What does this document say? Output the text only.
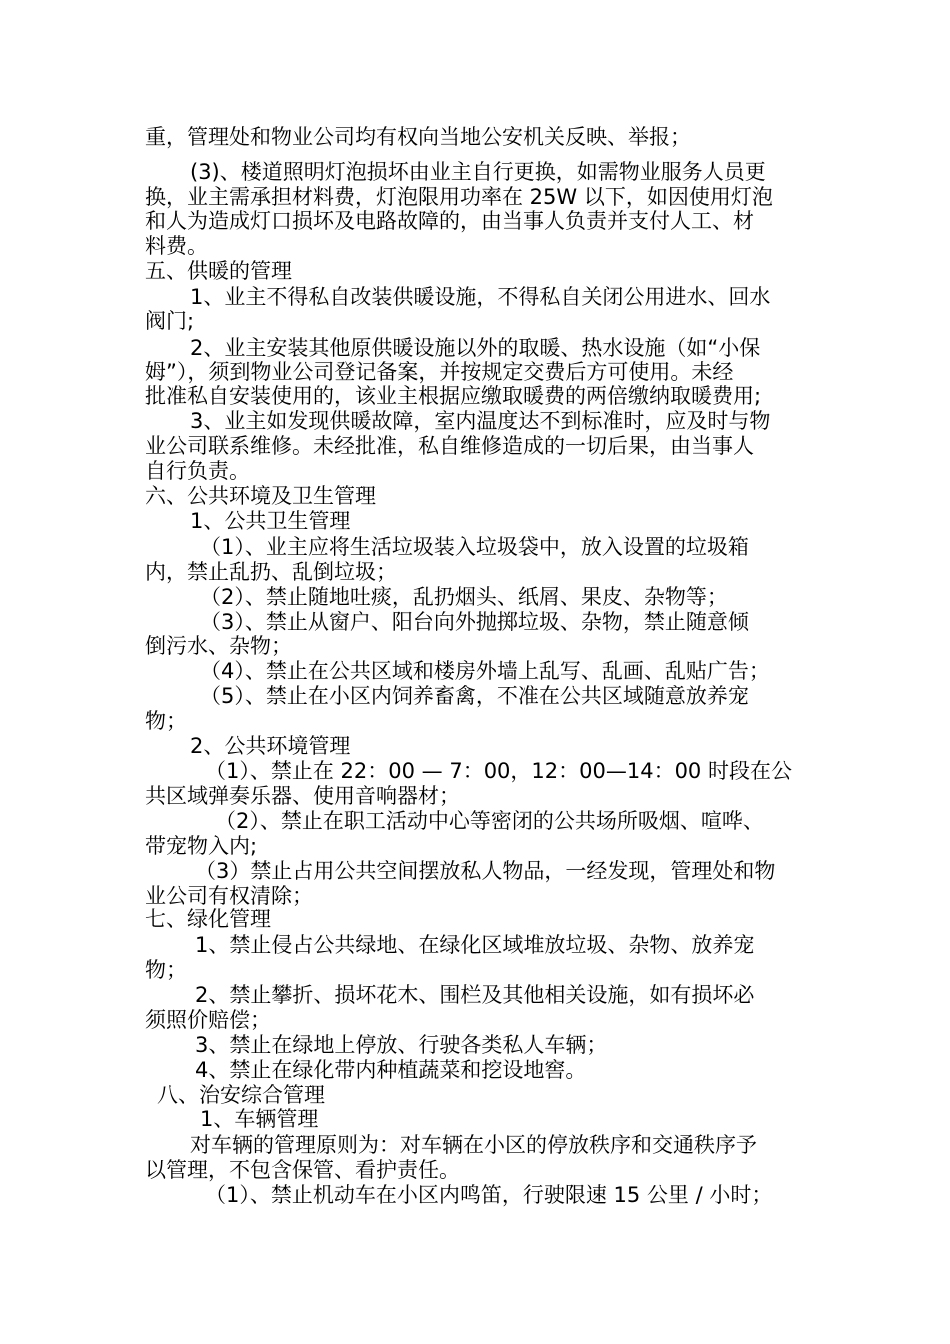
重，管理处和物业公司均有权向当地公安机关反映、举报；
(3)、楼道照明灯泡损坏由业主自行更换，如需物业服务人员更
换，业主需承担材料费，灯泡限用功率在 25W 以下，如因使用灯泡
和人为造成灯口损坏及电路故障的，由当事人负责并支付人工、材
料费。
五、供暖的管理
1、业主不得私自改装供暖设施，不得私自关闭公用进水、回水
阀门;
2、业主安装其他原供暖设施以外的取暖、热水设施（如“小保
姆”），须到物业公司登记备案，并按规定交费后方可使用。未经
批准私自安装使用的，该业主根据应缴取暖费的两倍缴纳取暖费用;
3、业主如发现供暖故障，室内温度达不到标准时，应及时与物
业公司联系维修。未经批准，私自维修造成的一切后果，由当事人
自行负责。
六、公共环境及卫生管理
1、公共卫生管理
（1）、业主应将生活垃圾装入垃圾袋中，放入设置的垃圾箱
内，禁止乱扔、乱倒垃圾；
（2）、禁止随地吐痰，乱扔烟头、纸屑、果皮、杂物等；
（3）、禁止从窗户、阳台向外抛掷垃圾、杂物，禁止随意倾
倒污水、杂物；
（4）、禁止在公共区域和楼房外墙上乱写、乱画、乱贴广告；
（5）、禁止在小区内饲养畜禽，不准在公共区域随意放养宠
物；
2、公共环境管理
（1）、禁止在 22：00 — 7：00，12：00—14：00 时段在公
共区域弹奏乐器、使用音响器材；
（2）、禁止在职工活动中心等密闭的公共场所吸烟、喧哗、
带宠物入内;
（3）禁止占用公共空间摆放私人物品，一经发现，管理处和物
业公司有权清除；
七、绿化管理
1、禁止侵占公共绿地、在绿化区域堆放垃圾、杂物、放养宠
物；
2、禁止攀折、损坏花木、围栏及其他相关设施，如有损坏必
须照价赔偿；
3、禁止在绿地上停放、行驶各类私人车辆；
4、禁止在绿化带内种植蔬菜和挖设地窖。
八、治安综合管理
1、车辆管理
对车辆的管理原则为：对车辆在小区的停放秩序和交通秩序予
以管理，不包含保管、看护责任。
（1）、禁止机动车在小区内鸣笛，行驶限速 15 公里 / 小时；
